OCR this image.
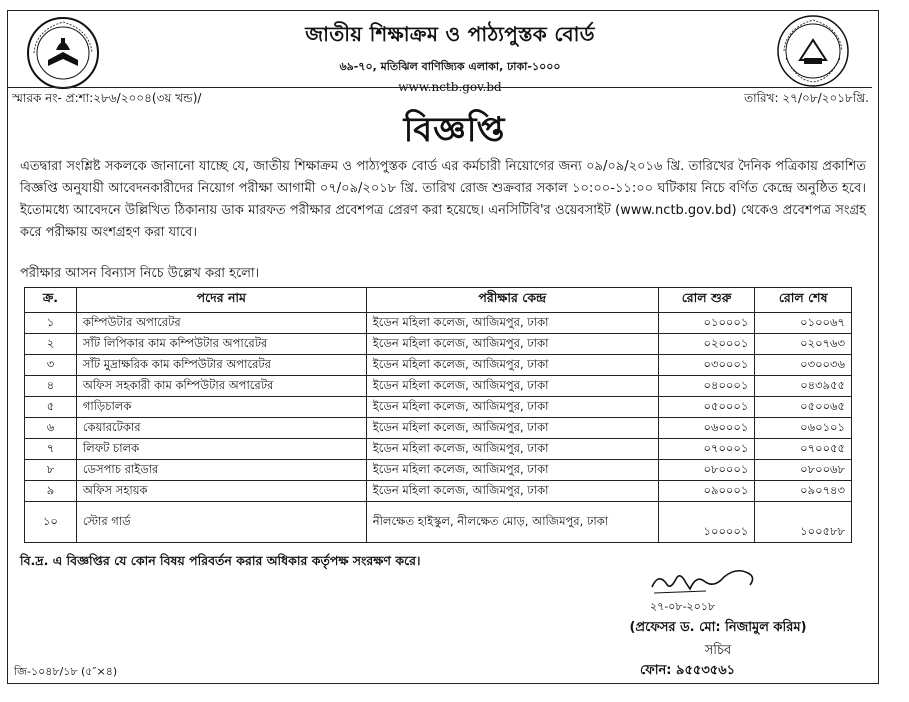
জাতীয় শিক্ষাক্রম ও পাঠ্যপুস্তক বোর্ড
৬৯-৭০, মতিঝিল বাণিজ্যিক এলাকা, ঢাকা-১০০০
www.nctb.gov.bd
স্মারক নং- প্র:শা:২৮৬/২০০৪(৩য় খন্ড)/	তারিখ: ২৭/০৮/২০১৮খ্রি.
বিজ্ঞপ্তি
এতদ্বারা সংশ্লিষ্ট সকলকে জানানো যাচ্ছে যে, জাতীয় শিক্ষাক্রম ও পাঠ্যপুস্তক বোর্ড এর কর্মচারী নিয়োগের জন্য ০৯/০৯/২০১৬ খ্রি. তারিখের দৈনিক পত্রিকায় প্রকাশিত বিজ্ঞপ্তি অনুযায়ী আবেদনকারীদের নিয়োগ পরীক্ষা আগামী ০৭/০৯/২০১৮ খ্রি. তারিখ রোজ শুক্রবার সকাল ১০:০০-১১:০০ ঘটিকায় নিচে বর্ণিত কেন্দ্রে অনুষ্ঠিত হবে। ইতোমধ্যে আবেদনে উল্লিখিত ঠিকানায় ডাক মারফত পরীক্ষার প্রবেশপত্র প্রেরণ করা হয়েছে। এনসিটিবি'র ওয়েবসাইট (www.nctb.gov.bd) থেকেও প্রবেশপত্র সংগ্রহ করে পরীক্ষায় অংশগ্রহণ করা যাবে।
পরীক্ষার আসন বিন্যাস নিচে উল্লেখ করা হলো।
ক্র.	পদের নাম	পরীক্ষার কেন্দ্র	রোল শুরু	রোল শেষ
১	কম্পিউটার অপারেটর	ইডেন মহিলা কলেজ, আজিমপুর, ঢাকা	০১০০০১	০১০০৬৭
২	সাঁট লিপিকার কাম কম্পিউটার অপারেটর	ইডেন মহিলা কলেজ, আজিমপুর, ঢাকা	০২০০০১	০২০৭৬৩
৩	সাঁট মুদ্রাক্ষরিক কাম কম্পিউটার অপারেটর	ইডেন মহিলা কলেজ, আজিমপুর, ঢাকা	০৩০০০১	০৩০০৩৬
৪	অফিস সহকারী কাম কম্পিউটার অপারেটর	ইডেন মহিলা কলেজ, আজিমপুর, ঢাকা	০৪০০০১	০৪৩৯৫৫
৫	গাড়িচালক	ইডেন মহিলা কলেজ, আজিমপুর, ঢাকা	০৫০০০১	০৫০০৬৫
৬	কেয়ারটেকার	ইডেন মহিলা কলেজ, আজিমপুর, ঢাকা	০৬০০০১	০৬০১০১
৭	লিফট চালক	ইডেন মহিলা কলেজ, আজিমপুর, ঢাকা	০৭০০০১	০৭০০৫৫
৮	ডেসপাচ রাইডার	ইডেন মহিলা কলেজ, আজিমপুর, ঢাকা	০৮০০০১	০৮০০৬৮
৯	অফিস সহায়ক	ইডেন মহিলা কলেজ, আজিমপুর, ঢাকা	০৯০০০১	০৯০৭৪৩
১০	স্টোর গার্ড	নীলক্ষেত হাইস্কুল, নীলক্ষেত মোড়, আজিমপুর, ঢাকা	১০০০০১	১০০৫৮৮
বি.দ্র. এ বিজ্ঞপ্তির যে কোন বিষয় পরিবর্তন করার অধিকার কর্তৃপক্ষ সংরক্ষণ করে।
২৭-০৮-২০১৮
(প্রফেসর ড. মো: নিজামুল করিম)
সচিব
ফোন: ৯৫৫৩৫৬১
জি-১০৪৮/১৮ (৫″×৪)
